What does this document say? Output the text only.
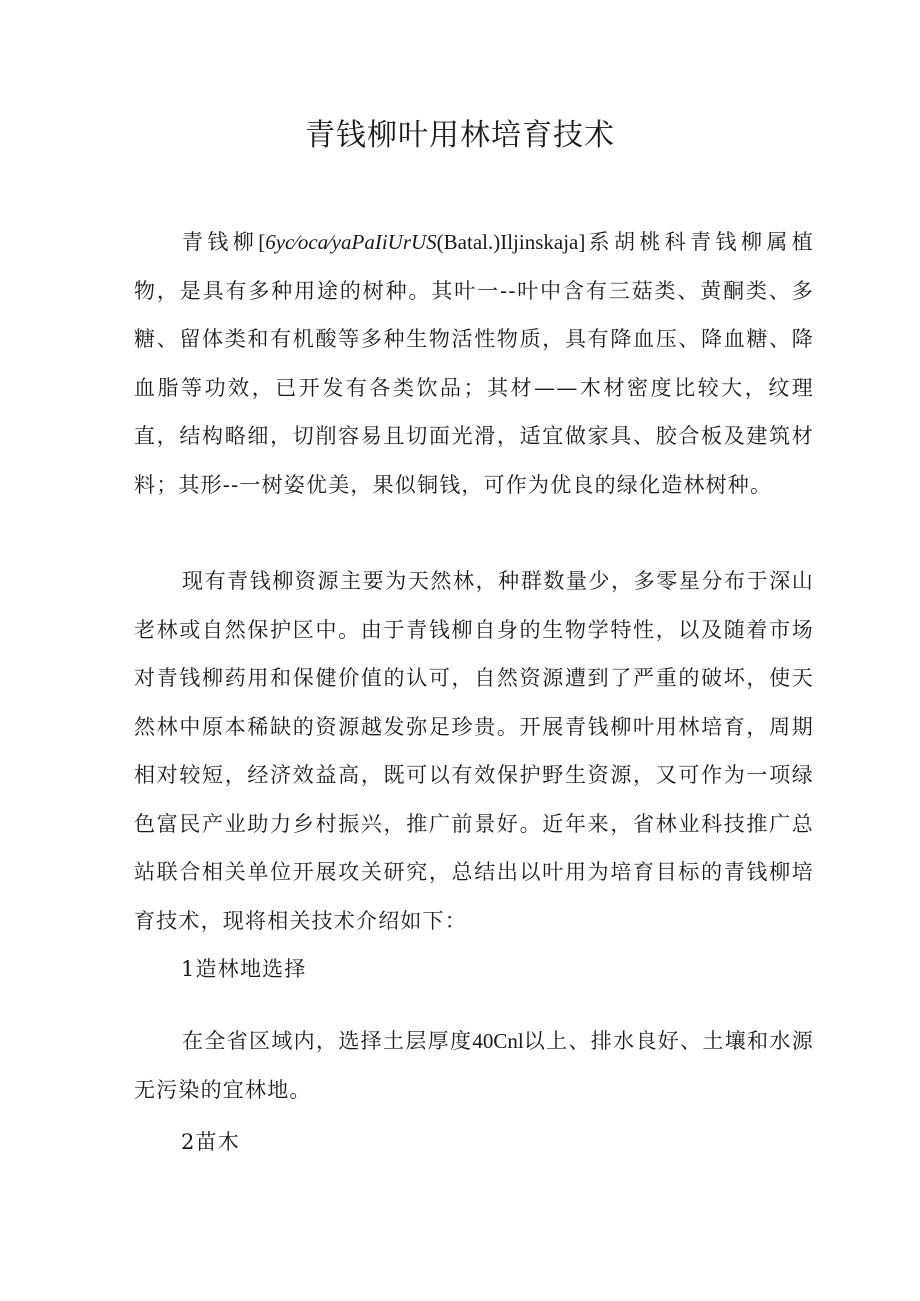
青钱柳叶用林培育技术
青钱柳[6yc∕oca∕yaPaIiUrUS(Batal.)Iljinskaja]系胡桃科青钱柳属植物，是具有多种用途的树种。其叶一--叶中含有三菇类、黄酮类、多糖、留体类和有机酸等多种生物活性物质，具有降血压、降血糖、降血脂等功效，已开发有各类饮品；其材——木材密度比较大，纹理直，结构略细，切削容易且切面光滑，适宜做家具、胶合板及建筑材料；其形--一树姿优美，果似铜钱，可作为优良的绿化造林树种。
现有青钱柳资源主要为天然林，种群数量少，多零星分布于深山老林或自然保护区中。由于青钱柳自身的生物学特性，以及随着市场对青钱柳药用和保健价值的认可，自然资源遭到了严重的破坏，使天然林中原本稀缺的资源越发弥足珍贵。开展青钱柳叶用林培育，周期相对较短，经济效益高，既可以有效保护野生资源，又可作为一项绿色富民产业助力乡村振兴，推广前景好。近年来，省林业科技推广总站联合相关单位开展攻关研究，总结出以叶用为培育目标的青钱柳培育技术，现将相关技术介绍如下：
1造林地选择
在全省区域内，选择土层厚度40Cnl以上、排水良好、土壤和水源无污染的宜林地。
2苗木
